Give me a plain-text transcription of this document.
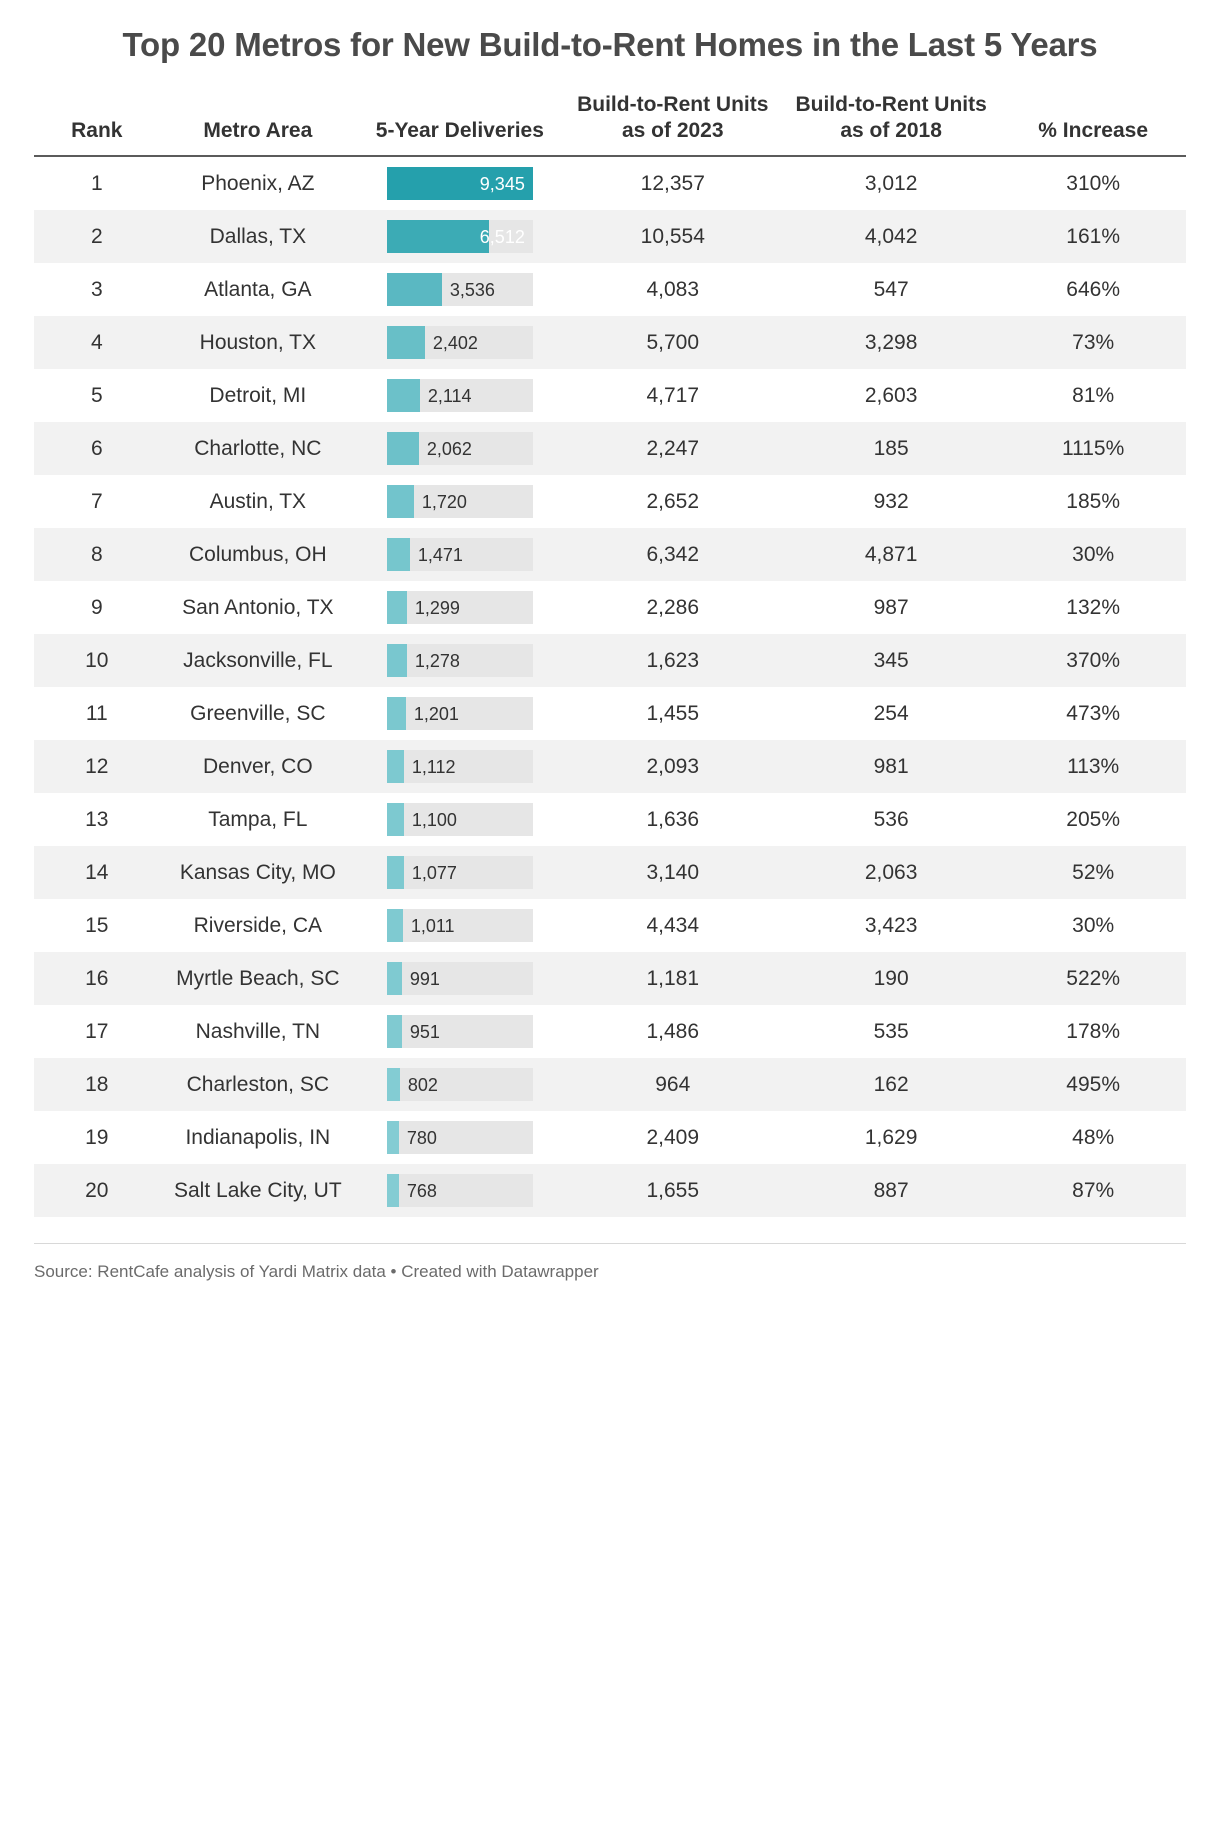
Top 20 Metros for New Build-to-Rent Homes in the Last 5 Years
Rank	Metro Area	5-Year Deliveries	Build-to-Rent Units as of 2023	Build-to-Rent Units as of 2018	% Increase
1	Phoenix, AZ	9,345	12,357	3,012	310%
2	Dallas, TX	6,512	10,554	4,042	161%
3	Atlanta, GA	3,536	4,083	547	646%
4	Houston, TX	2,402	5,700	3,298	73%
5	Detroit, MI	2,114	4,717	2,603	81%
6	Charlotte, NC	2,062	2,247	185	1115%
7	Austin, TX	1,720	2,652	932	185%
8	Columbus, OH	1,471	6,342	4,871	30%
9	San Antonio, TX	1,299	2,286	987	132%
10	Jacksonville, FL	1,278	1,623	345	370%
11	Greenville, SC	1,201	1,455	254	473%
12	Denver, CO	1,112	2,093	981	113%
13	Tampa, FL	1,100	1,636	536	205%
14	Kansas City, MO	1,077	3,140	2,063	52%
15	Riverside, CA	1,011	4,434	3,423	30%
16	Myrtle Beach, SC	991	1,181	190	522%
17	Nashville, TN	951	1,486	535	178%
18	Charleston, SC	802	964	162	495%
19	Indianapolis, IN	780	2,409	1,629	48%
20	Salt Lake City, UT	768	1,655	887	87%
Source: RentCafe analysis of Yardi Matrix data • Created with Datawrapper
